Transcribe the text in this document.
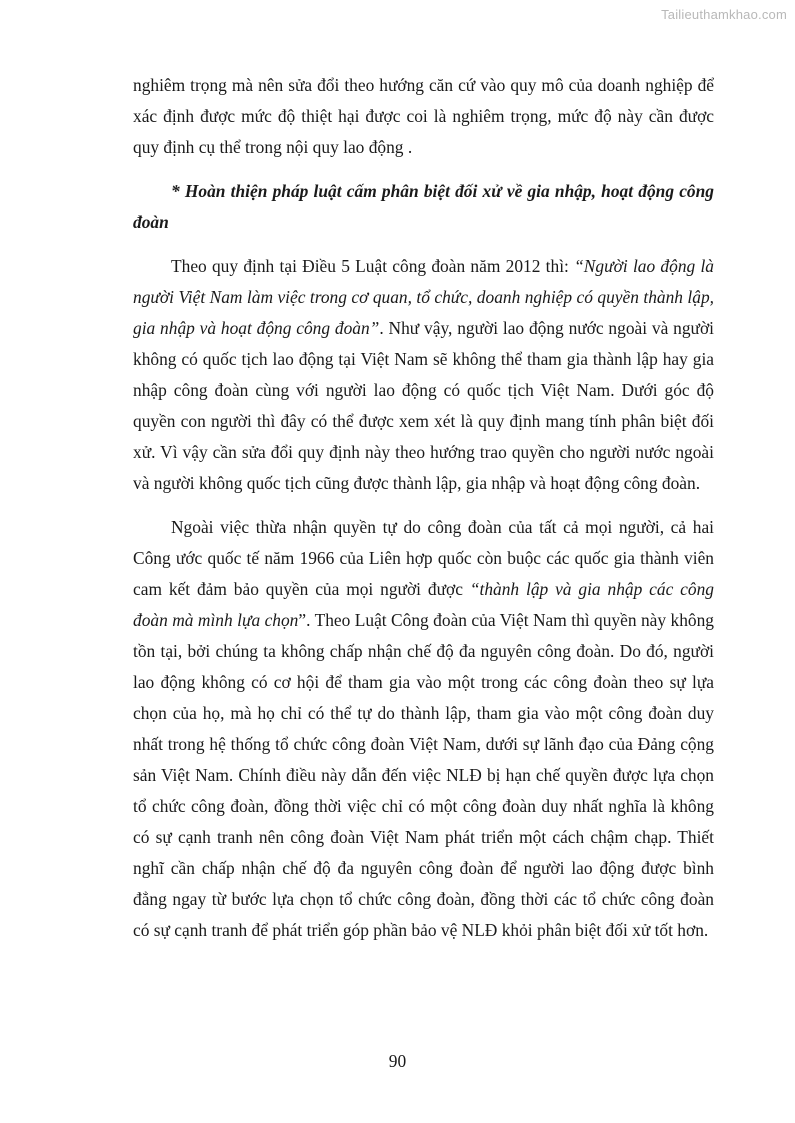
Tailieuthamkhao.com

nghiêm trọng mà nên sửa đổi theo hướng căn cứ vào quy mô của doanh nghiệp để xác định được mức độ thiệt hại được coi là nghiêm trọng, mức độ này cần được quy định cụ thể trong nội quy lao động .

* Hoàn thiện pháp luật cấm phân biệt đối xử về gia nhập, hoạt động công đoàn

Theo quy định tại Điều 5 Luật công đoàn năm 2012 thì: “Người lao động là người Việt Nam làm việc trong cơ quan, tổ chức, doanh nghiệp có quyền thành lập, gia nhập và hoạt động công đoàn”. Như vậy, người lao động nước ngoài và người không có quốc tịch lao động tại Việt Nam sẽ không thể tham gia thành lập hay gia nhập công đoàn cùng với người lao động có quốc tịch Việt Nam. Dưới góc độ quyền con người thì đây có thể được xem xét là quy định mang tính phân biệt đối xử. Vì vậy cần sửa đổi quy định này theo hướng trao quyền cho người nước ngoài và người không quốc tịch cũng được thành lập, gia nhập và hoạt động công đoàn.

Ngoài việc thừa nhận quyền tự do công đoàn của tất cả mọi người, cả hai Công ước quốc tế năm 1966 của Liên hợp quốc còn buộc các quốc gia thành viên cam kết đảm bảo quyền của mọi người được “thành lập và gia nhập các công đoàn mà mình lựa chọn”. Theo Luật Công đoàn của Việt Nam thì quyền này không tồn tại, bởi chúng ta không chấp nhận chế độ đa nguyên công đoàn. Do đó, người lao động không có cơ hội để tham gia vào một trong các công đoàn theo sự lựa chọn của họ, mà họ chỉ có thể tự do thành lập, tham gia vào một công đoàn duy nhất trong hệ thống tổ chức công đoàn Việt Nam, dưới sự lãnh đạo của Đảng cộng sản Việt Nam. Chính điều này dẫn đến việc NLĐ bị hạn chế quyền được lựa chọn tổ chức công đoàn, đồng thời việc chỉ có một công đoàn duy nhất nghĩa là không có sự cạnh tranh nên công đoàn Việt Nam phát triển một cách chậm chạp. Thiết nghĩ cần chấp nhận chế độ đa nguyên công đoàn để người lao động được bình đẳng ngay từ bước lựa chọn tổ chức công đoàn, đồng thời các tổ chức công đoàn có sự cạnh tranh để phát triển góp phần bảo vệ NLĐ khỏi phân biệt đối xử tốt hơn.

90
